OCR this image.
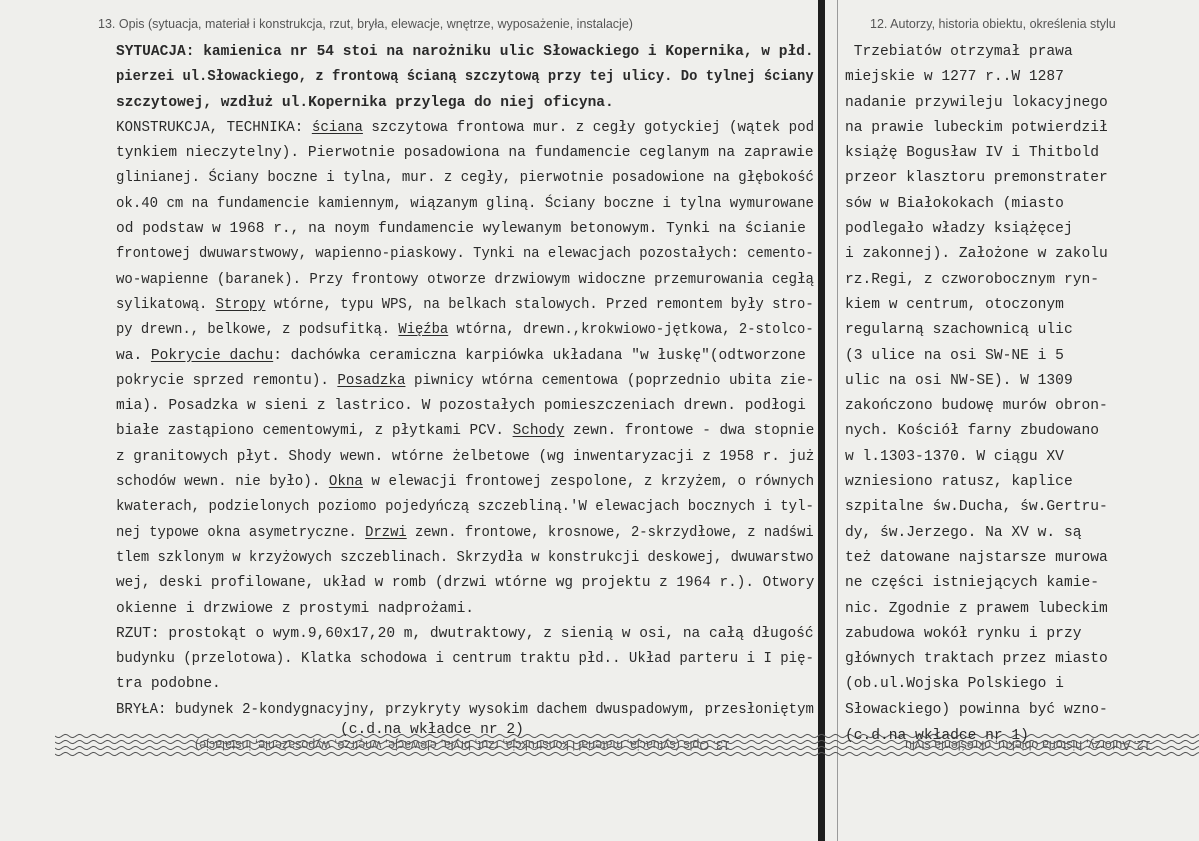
13. Opis (sytuacja, materiał i konstrukcja, rzut, bryła, elewacje, wnętrze, wyposażenie, instalacje)	12. Autorzy, historia obiektu, określenia stylu
SYTUACJA: kamienica nr 54 stoi na narożniku ulic Słowackiego i Kopernika, w płd.
pierzei ul.Słowackiego, z frontową ścianą szczytową przy tej ulicy. Do tylnej ściany
szczytowej, wzdłuż ul.Kopernika przylega do niej oficyna.
KONSTRUKCJA, TECHNIKA: ściana szczytowa frontowa mur. z cegły gotyckiej (wątek pod
tynkiem nieczytelny). Pierwotnie posadowiona na fundamencie ceglanym na zaprawie
glinianej. Ściany boczne i tylna, mur. z cegły, pierwotnie posadowione na głębokość
ok.40 cm na fundamencie kamiennym, wiązanym gliną. Ściany boczne i tylna wymurowane
od podstaw w 1968 r., na noym fundamencie wylewanym betonowym. Tynki na ścianie
frontowej dwuwarstwowy, wapienno-piaskowy. Tynki na elewacjach pozostałych: cemento-
wo-wapienne (baranek). Przy frontowy otworze drzwiowym widoczne przemurowania cegłą
sylikatową. Stropy wtórne, typu WPS, na belkach stalowych. Przed remontem były stro-
py drewn., belkowe, z podsufitką. Więźba wtórna, drewn.,krokwiowo-jętkowa, 2-stolco-
wa. Pokrycie dachu: dachówka ceramiczna karpiówka układana "w łuskę"(odtworzone
pokrycie sprzed remontu). Posadzka piwnicy wtórna cementowa (poprzednio ubita zie-
mia). Posadzka w sieni z lastrico. W pozostałych pomieszczeniach drewn. podłogi
białe zastąpiono cementowymi, z płytkami PCV. Schody zewn. frontowe - dwa stopnie
z granitowych płyt. Shody wewn. wtórne żelbetowe (wg inwentaryzacji z 1958 r. już
schodów wewn. nie było). Okna w elewacji frontowej zespolone, z krzyżem, o równych
kwaterach, podzielonych poziomo pojedyńczą szczebliną.'W elewacjach bocznych i tyl-
nej typowe okna asymetryczne. Drzwi zewn. frontowe, krosnowe, 2-skrzydłowe, z nadświ
tlem szklonym w krzyżowych szczeblinach. Skrzydła w konstrukcji deskowej, dwuwarstwo
wej, deski profilowane, układ w romb (drzwi wtórne wg projektu z 1964 r.). Otwory
okienne i drzwiowe z prostymi nadprożami.
RZUT: prostokąt o wym.9,60x17,20 m, dwutraktowy, z sienią w osi, na całą długość
budynku (przelotowa). Klatka schodowa i centrum traktu płd.. Układ parteru i I pię-
tra podobne.
BRYŁA: budynek 2-kondygnacyjny, przykryty wysokim dachem dwuspadowym, przesłoniętym
Trzebiatów otrzymał prawa
miejskie w 1277 r..W 1287
nadanie przywileju lokacyjnego
na prawie lubeckim potwierdził
książę Bogusław IV i Thitbold
przeor klasztoru premonstrater
sów w Białokokach (miasto
podlegało władzy książęcej
i zakonnej). Założone w zakolu
rz.Regi, z czworobocznym ryn-
kiem w centrum, otoczonym
regularną szachownicą ulic
(3 ulice na osi SW-NE i 5
ulic na osi NW-SE). W 1309
zakończono budowę murów obron-
nych. Kościół farny zbudowano
w l.1303-1370. W ciągu XV
wzniesiono ratusz, kaplice
szpitalne św.Ducha, św.Gertru-
dy, św.Jerzego. Na XV w. są
też datowane najstarsze murowa
ne części istniejących kamie-
nic. Zgodnie z prawem lubeckim
zabudowa wokół rynku i przy
głównych traktach przez miasto
(ob.ul.Wojska Polskiego i
Słowackiego) powinna być wzno-
(c.d.na wkładce nr 2)	(c.d.na wkładce nr 1)
13. Opis (sytuacja, materiał i konstrukcja, rzut, bryła, elewacje, wnętrze, wyposażenie, instalacje)	12. Autorzy, historia obiektu, określenia stylu
